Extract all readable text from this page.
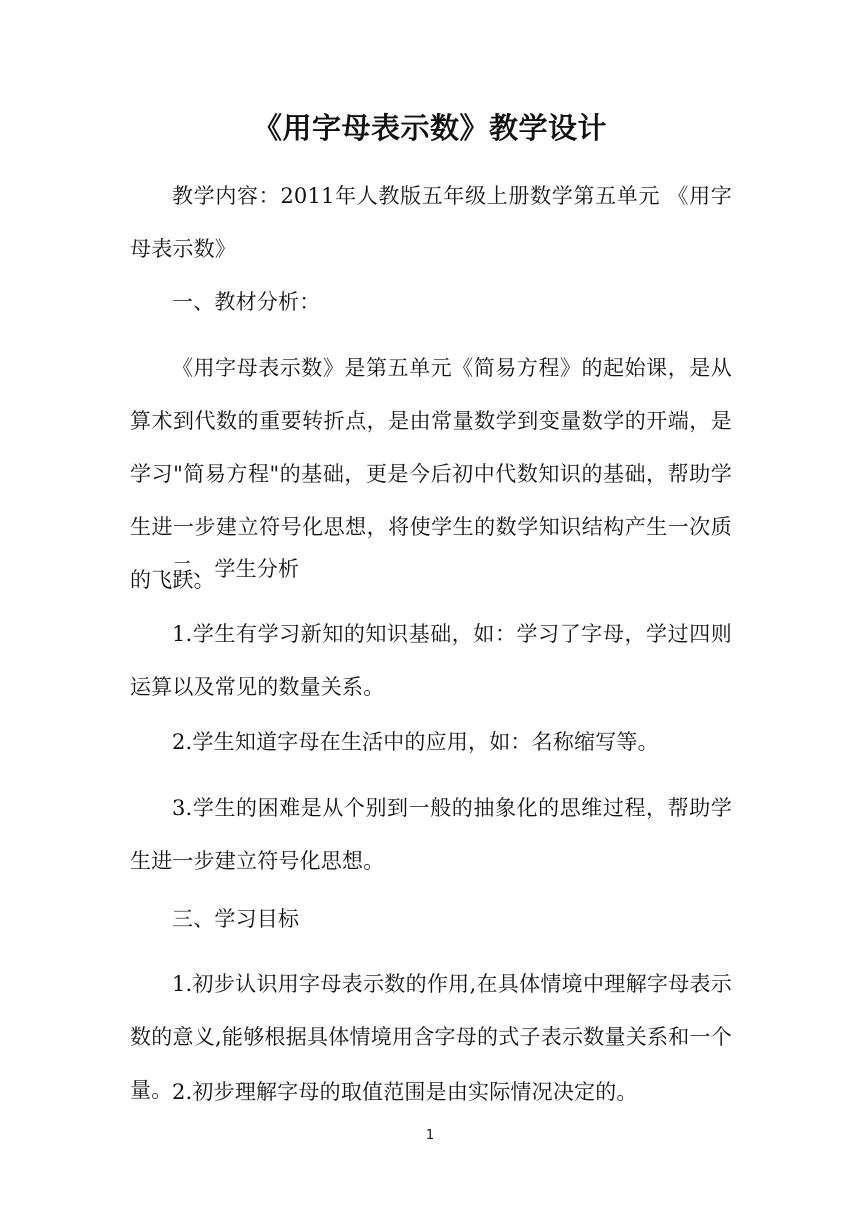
《用字母表示数》教学设计
教学内容：2011年人教版五年级上册数学第五单元 《用字母表示数》
一、教材分析：
《用字母表示数》是第五单元《简易方程》的起始课，是从算术到代数的重要转折点，是由常量数学到变量数学的开端，是学习"简易方程"的基础，更是今后初中代数知识的基础，帮助学生进一步建立符号化思想，将使学生的数学知识结构产生一次质的飞跃。
二、学生分析
1.学生有学习新知的知识基础，如：学习了字母，学过四则运算以及常见的数量关系。
2.学生知道字母在生活中的应用，如：名称缩写等。
3.学生的困难是从个别到一般的抽象化的思维过程，帮助学生进一步建立符号化思想。
三、学习目标
1.初步认识用字母表示数的作用,在具体情境中理解字母表示数的意义,能够根据具体情境用含字母的式子表示数量关系和一个量。 2.初步理解字母的取值范围是由实际情况决定的。
1
